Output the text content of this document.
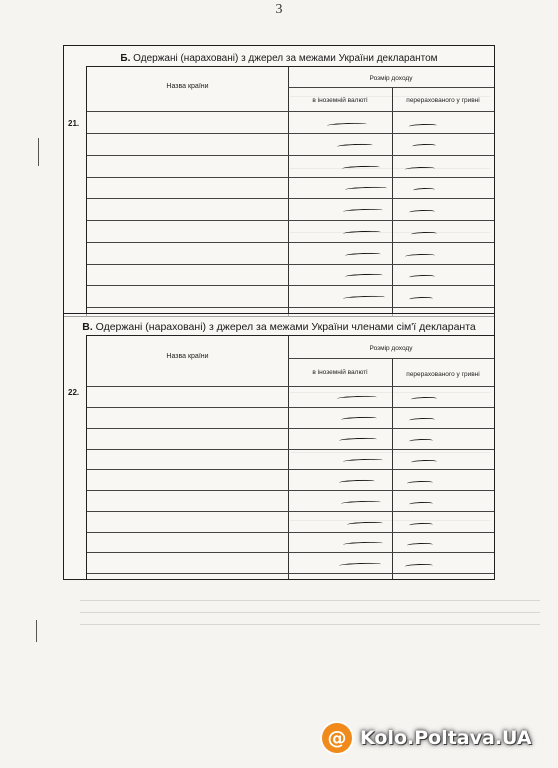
3
Б. Одержані (нараховані) з джерел за межами України декларантом
21.
Назва країни
Розмір доходу
в іноземній валюті	перерахованого у гривні
В. Одержані (нараховані) з джерел за межами України членами сім'ї декларанта
22.
Назва країни
Розмір доходу
в іноземній валюті	перерахованого у гривні
@ Kolo.Poltava.UA
